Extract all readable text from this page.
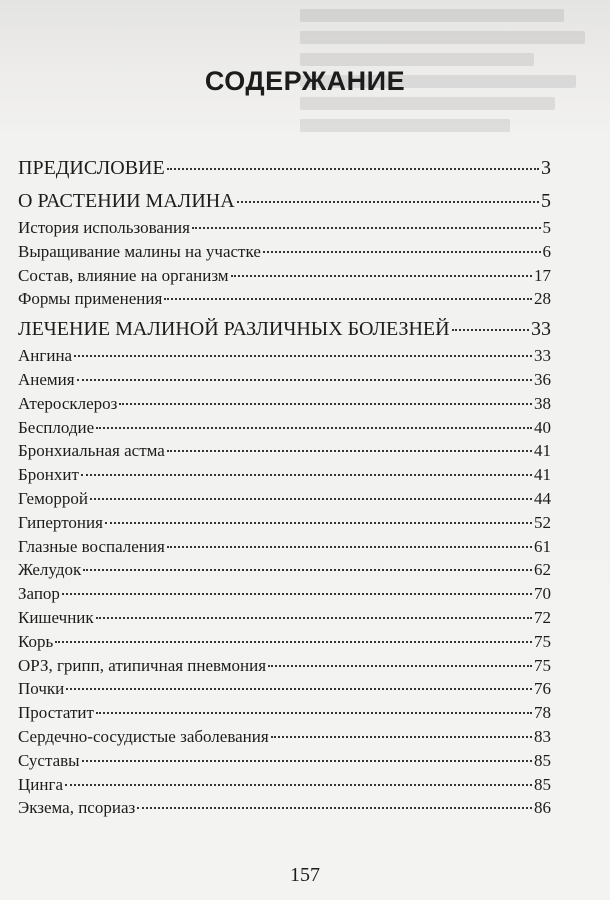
СОДЕРЖАНИЕ
ПРЕДИСЛОВИЕ	3
О РАСТЕНИИ МАЛИНА	5
История использования	5
Выращивание малины на участке	6
Состав, влияние на организм	17
Формы применения	28
ЛЕЧЕНИЕ МАЛИНОЙ РАЗЛИЧНЫХ БОЛЕЗНЕЙ	33
Ангина	33
Анемия	36
Атеросклероз	38
Бесплодие	40
Бронхиальная астма	41
Бронхит	41
Геморрой	44
Гипертония	52
Глазные воспаления	61
Желудок	62
Запор	70
Кишечник	72
Корь	75
ОРЗ, грипп, атипичная пневмония	75
Почки	76
Простатит	78
Сердечно-сосудистые заболевания	83
Суставы	85
Цинга	85
Экзема, псориаз	86
157
